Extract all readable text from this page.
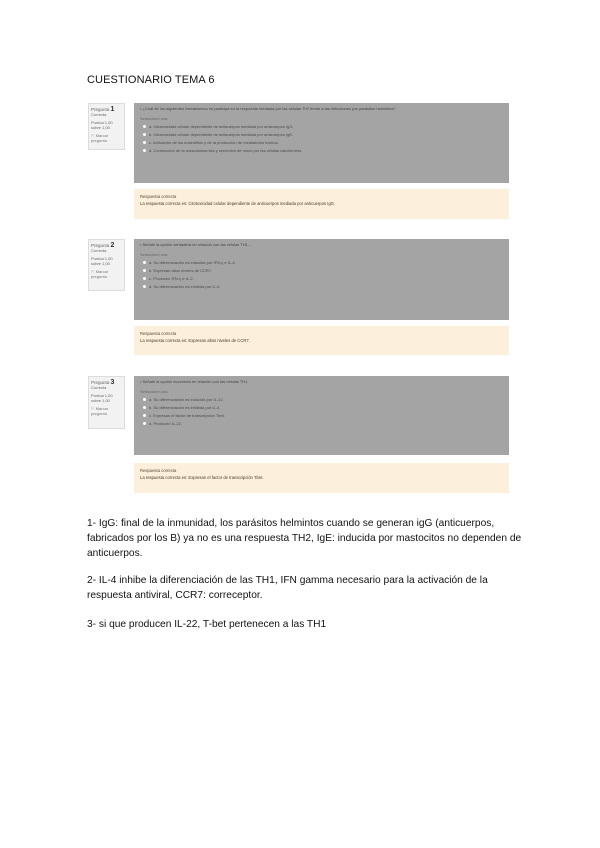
CUESTIONARIO TEMA 6
Pregunta 1
Correcta
Puntúa 1,00 sobre 1,00
⚐ Marcar pregunta
• ¿Cuál de los siguientes mecanismos no participa en la respuesta mediada por las células Th2 frente a las infecciones por parásitos helmintos?
Seleccione una:
a. Citotoxicidad celular dependiente de anticuerpos mediada por anticuerpos IgG.
b. Citotoxicidad celular dependiente de anticuerpos mediada por anticuerpos IgE.
c. Activación de los eosinófilos y de la producción de mediadores tóxicos.
d. Contracción de la musculatura lisa y secreción de moco por las células caliciformes.
Respuesta correcta
La respuesta correcta es: Citotoxicidad celular dependiente de anticuerpos mediada por anticuerpos IgG.
Pregunta 2
Correcta
Puntúa 1,00 sobre 1,00
⚐ Marcar pregunta
• Señale la opción verdadera en relación con las células TH1...
Seleccione una:
a. Su diferenciación es inducida por IFN-γ e IL-4.
b. Expresan altos niveles de CCR7.
c. Producen IFN-γ e IL-2.
d. Su diferenciación es inhibida por IL-4.
Respuesta correcta
La respuesta correcta es: Expresan altos niveles de CCR7.
Pregunta 3
Correcta
Puntúa 1,00 sobre 1,00
⚐ Marcar pregunta
• Señale la opción incorrecta en relación con las células TH1.
Seleccione una:
a. Su diferenciación es inducida por IL-12.
b. Su diferenciación es inhibida por IL-4.
c. Expresan el factor de transcripción Tbet.
d. Producen IL-22.
Respuesta correcta
La respuesta correcta es: Expresan el factor de transcripción Tbet.
1- IgG: final de la inmunidad, los parásitos helmintos cuando se generan igG (anticuerpos, fabricados por los B) ya no es una respuesta TH2, IgE: inducida por mastocitos no dependen de anticuerpos.
2- IL-4 inhibe la diferenciación de las TH1, IFN gamma necesario para la activación de la respuesta antiviral, CCR7: correceptor.
3- si que producen IL-22, T-bet pertenecen a las TH1
